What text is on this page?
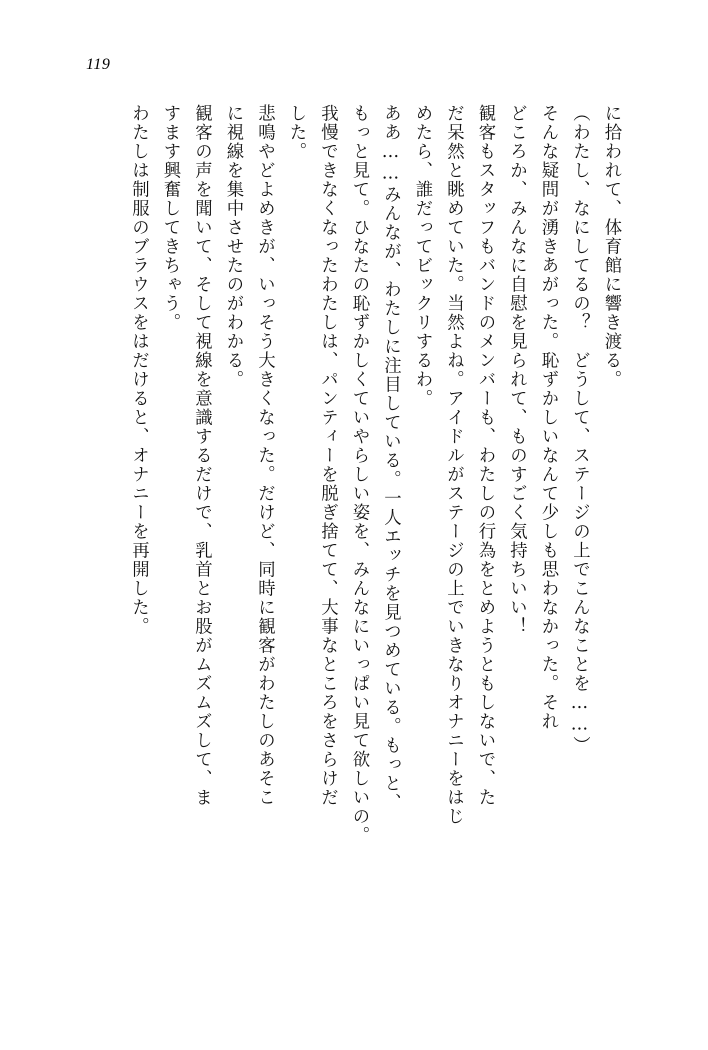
119
に拾われて、体育館に響き渡る。
（わたし、なにしてるの？　どうして、ステージの上でこんなことを……）
そんな疑問が湧きあがった。恥ずかしいなんて少しも思わなかった。それ
どころか、みんなに自慰を見られて、ものすごく気持ちいい！
観客もスタッフもバンドのメンバーも、わたしの行為をとめようともしないで、た
だ呆然と眺めていた。当然よね。アイドルがステージの上でいきなりオナニーをはじ
めたら、誰だってビックリするわ。
ああ……みんなが、わたしに注目している。一人エッチを見つめている。もっと、
もっと見て。ひなたの恥ずかしくていやらしい姿を、みんなにいっぱい見て欲しいの。
我慢できなくなったわたしは、パンティーを脱ぎ捨てて、大事なところをさらけだ
した。
悲鳴やどよめきが、いっそう大きくなった。だけど、同時に観客がわたしのあそこ
に視線を集中させたのがわかる。
観客の声を聞いて、そして視線を意識するだけで、乳首とお股がムズムズして、ま
すます興奮してきちゃう。
わたしは制服のブラウスをはだけると、オナニーを再開した。
